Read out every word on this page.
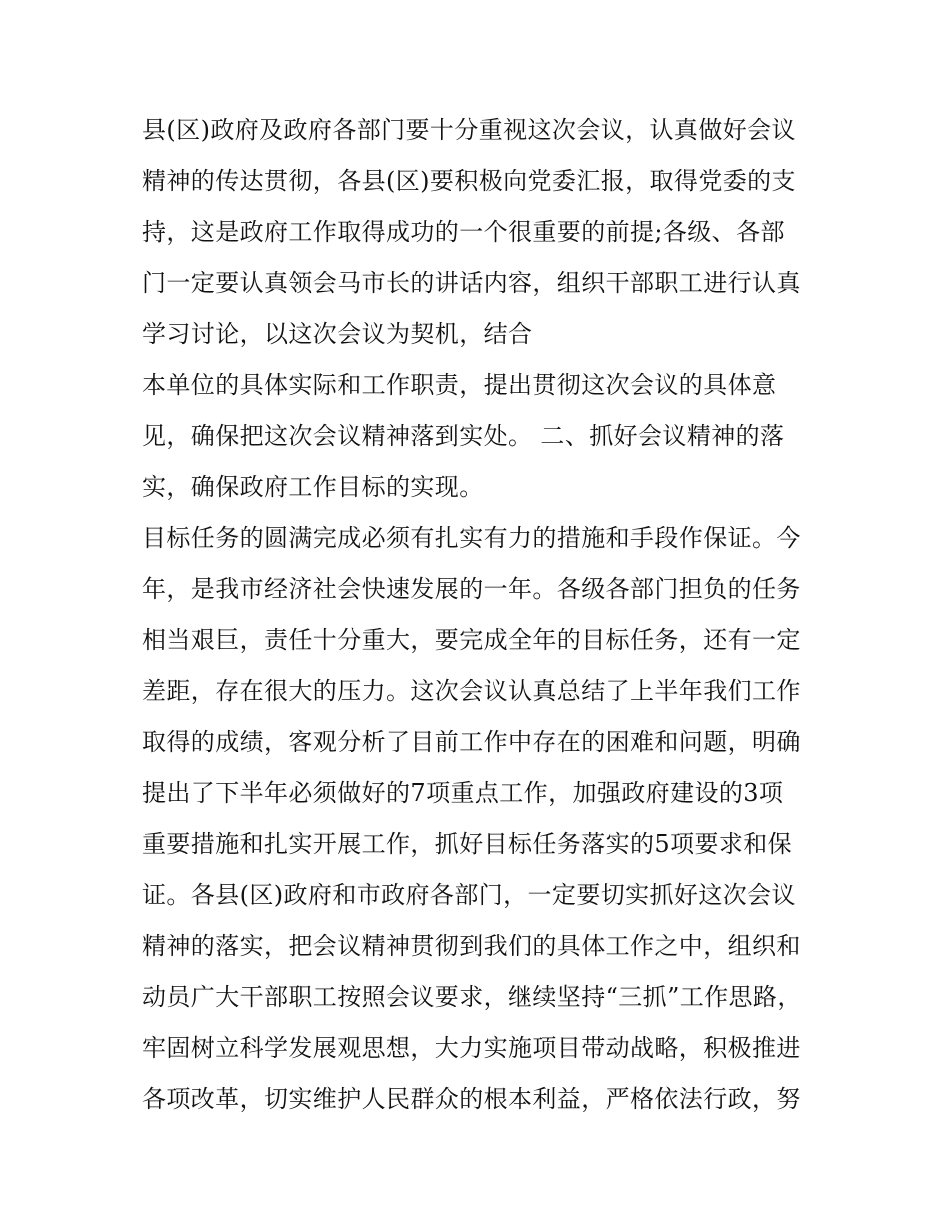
县(区)政府及政府各部门要十分重视这次会议，认真做好会议
精神的传达贯彻，各县(区)要积极向党委汇报，取得党委的支
持，这是政府工作取得成功的一个很重要的前提;各级、各部
门一定要认真领会马市长的讲话内容，组织干部职工进行认真
学习讨论，以这次会议为契机，结合
本单位的具体实际和工作职责，提出贯彻这次会议的具体意
见，确保把这次会议精神落到实处。 二、抓好会议精神的落
实，确保政府工作目标的实现。
目标任务的圆满完成必须有扎实有力的措施和手段作保证。今
年，是我市经济社会快速发展的一年。各级各部门担负的任务
相当艰巨，责任十分重大，要完成全年的目标任务，还有一定
差距，存在很大的压力。这次会议认真总结了上半年我们工作
取得的成绩，客观分析了目前工作中存在的困难和问题，明确
提出了下半年必须做好的7项重点工作，加强政府建设的3项
重要措施和扎实开展工作，抓好目标任务落实的5项要求和保
证。各县(区)政府和市政府各部门，一定要切实抓好这次会议
精神的落实，把会议精神贯彻到我们的具体工作之中，组织和
动员广大干部职工按照会议要求，继续坚持“三抓”工作思路，
牢固树立科学发展观思想，大力实施项目带动战略，积极推进
各项改革，切实维护人民群众的根本利益，严格依法行政，努
